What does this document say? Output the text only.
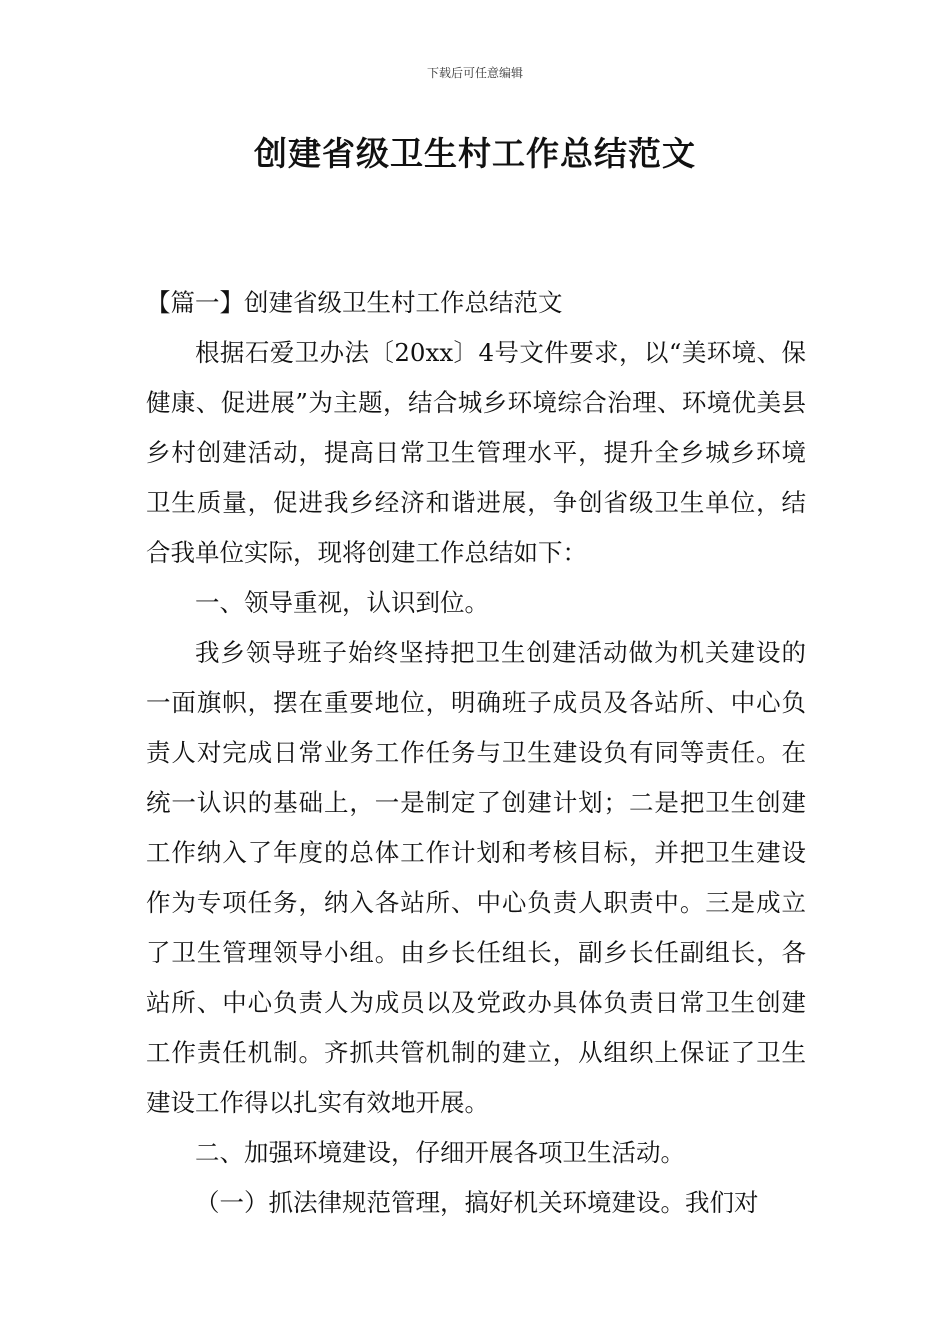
下载后可任意编辑
创建省级卫生村工作总结范文

【篇一】创建省级卫生村工作总结范文

根据石爱卫办法〔20xx〕4号文件要求，以“美环境、保健康、促进展”为主题，结合城乡环境综合治理、环境优美县乡村创建活动，提高日常卫生管理水平，提升全乡城乡环境卫生质量，促进我乡经济和谐进展，争创省级卫生单位，结合我单位实际，现将创建工作总结如下：

一、领导重视，认识到位。

我乡领导班子始终坚持把卫生创建活动做为机关建设的一面旗帜，摆在重要地位，明确班子成员及各站所、中心负责人对完成日常业务工作任务与卫生建设负有同等责任。在统一认识的基础上，一是制定了创建计划；二是把卫生创建工作纳入了年度的总体工作计划和考核目标，并把卫生建设作为专项任务，纳入各站所、中心负责人职责中。三是成立了卫生管理领导小组。由乡长任组长，副乡长任副组长，各站所、中心负责人为成员以及党政办具体负责日常卫生创建工作责任机制。齐抓共管机制的建立，从组织上保证了卫生建设工作得以扎实有效地开展。

二、加强环境建设，仔细开展各项卫生活动。

（一）抓法律规范管理，搞好机关环境建设。我们对
